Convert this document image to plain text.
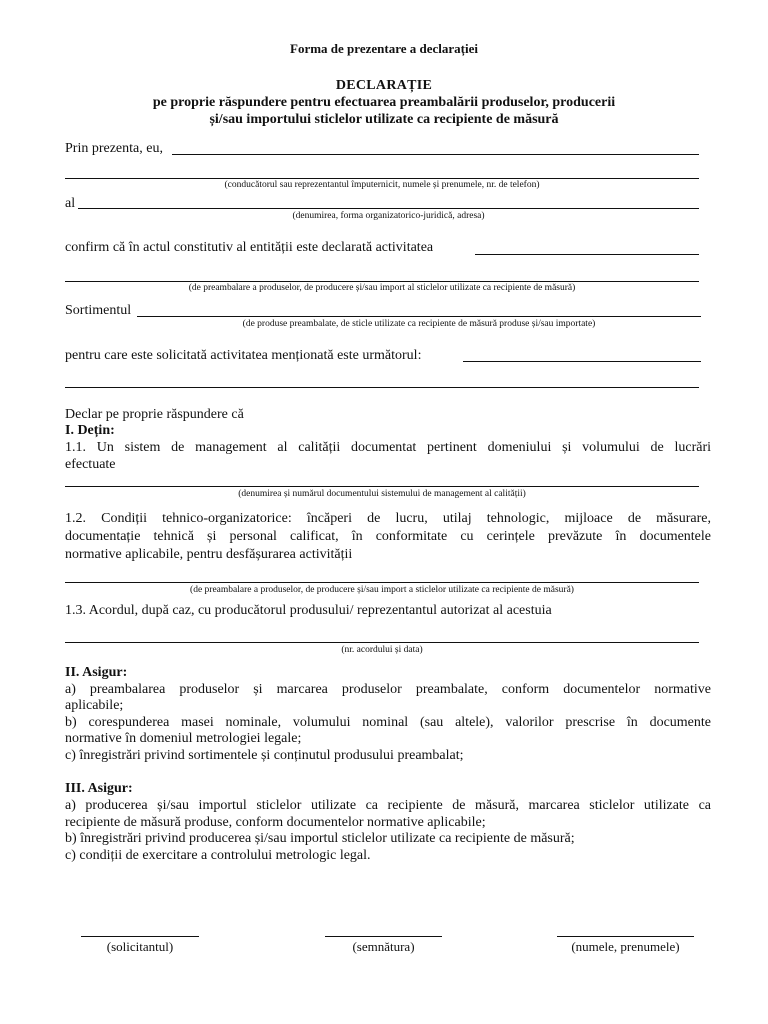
Forma de prezentare a declarației
DECLARAȚIE
pe proprie răspundere pentru efectuarea preambalării produselor, producerii
și/sau importului sticlelor utilizate ca recipiente de măsură
Prin prezenta, eu,
(conducătorul sau reprezentantul împuternicit, numele și prenumele, nr. de telefon)
al
(denumirea, forma organizatorico-juridică, adresa)
confirm că în actul constitutiv al entității este declarată activitatea
(de preambalare a produselor, de producere și/sau import al sticlelor utilizate ca recipiente de măsură)
Sortimentul
(de produse preambalate, de sticle utilizate ca recipiente de măsură produse și/sau importate)
pentru care este solicitată activitatea menționată este următorul:
Declar pe proprie răspundere că
I. Dețin:
1.1. Un sistem de management al calității documentat pertinent domeniului și volumului de lucrări
efectuate
(denumirea și numărul documentului sistemului de management al calității)
1.2. Condiții tehnico-organizatorice: încăperi de lucru, utilaj tehnologic, mijloace de măsurare,
documentație tehnică și personal calificat, în conformitate cu cerințele prevăzute în documentele
normative aplicabile, pentru desfășurarea activității
(de preambalare a produselor, de producere și/sau import a sticlelor utilizate ca recipiente de măsură)
1.3. Acordul, după caz, cu producătorul produsului/ reprezentantul autorizat al acestuia
(nr. acordului și data)
II. Asigur:
a) preambalarea produselor și marcarea produselor preambalate, conform documentelor normative
aplicabile;
b) corespunderea masei nominale, volumului nominal (sau altele), valorilor prescrise în documente
normative în domeniul metrologiei legale;
c) înregistrări privind sortimentele și conținutul produsului preambalat;
III. Asigur:
a) producerea și/sau importul sticlelor utilizate ca recipiente de măsură, marcarea sticlelor utilizate ca
recipiente de măsură produse, conform documentelor normative aplicabile;
b) înregistrări privind producerea și/sau importul sticlelor utilizate ca recipiente de măsură;
c) condiții de exercitare a controlului metrologic legal.
(solicitantul)	(semnătura)	(numele, prenumele)
